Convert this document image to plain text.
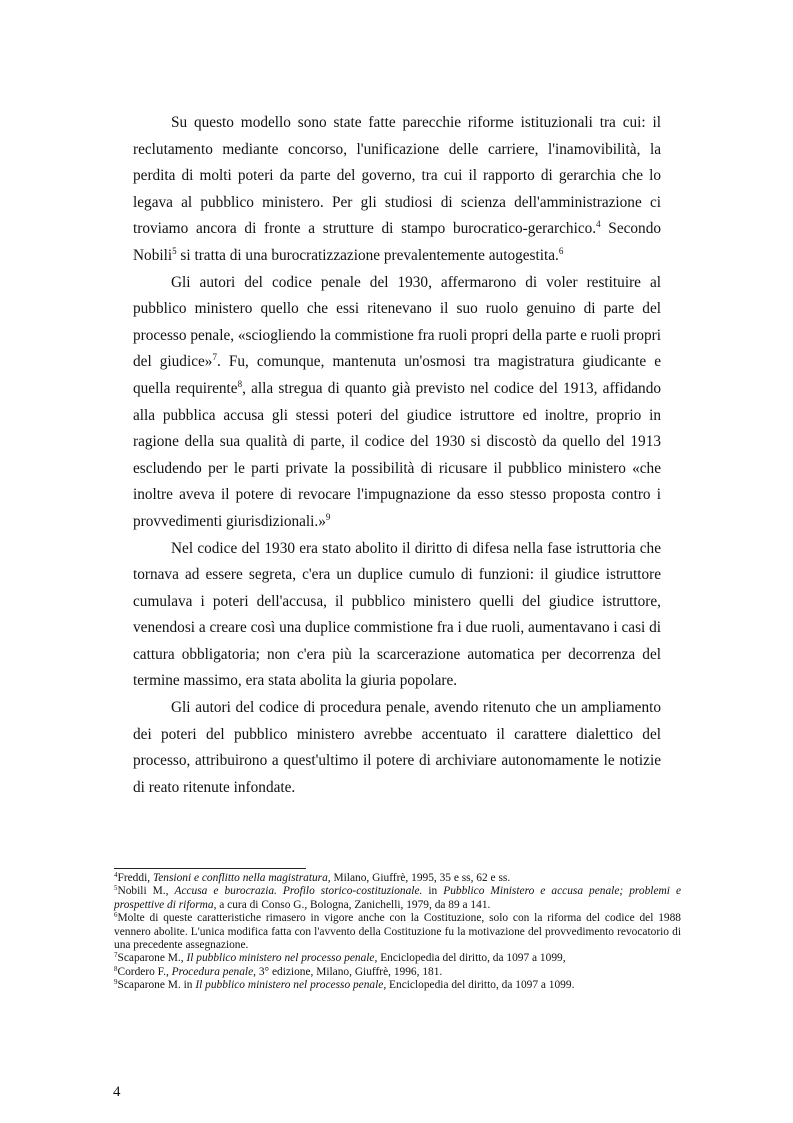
Su questo modello sono state fatte parecchie riforme istituzionali tra cui: il reclutamento mediante concorso, l'unificazione delle carriere, l'inamovibilità, la perdita di molti poteri da parte del governo, tra cui il rapporto di gerarchia che lo legava al pubblico ministero. Per gli studiosi di scienza dell'amministrazione ci troviamo ancora di fronte a strutture di stampo burocratico-gerarchico.$^4$ Secondo Nobili$^5$ si tratta di una burocratizzazione prevalentemente autogestita.$^6$

Gli autori del codice penale del 1930, affermarono di voler restituire al pubblico ministero quello che essi ritenevano il suo ruolo genuino di parte del processo penale, «sciogliendo la commistione fra ruoli propri della parte e ruoli propri del giudice»$^7$. Fu, comunque, mantenuta un'osmosi tra magistratura giudicante e quella requirente$^8$, alla stregua di quanto già previsto nel codice del 1913, affidando alla pubblica accusa gli stessi poteri del giudice istruttore ed inoltre, proprio in ragione della sua qualità di parte, il codice del 1930 si discostò da quello del 1913 escludendo per le parti private la possibilità di ricusare il pubblico ministero «che inoltre aveva il potere di revocare l'impugnazione da esso stesso proposta contro i provvedimenti giurisdizionali.»$^9$

Nel codice del 1930 era stato abolito il diritto di difesa nella fase istruttoria che tornava ad essere segreta, c'era un duplice cumulo di funzioni: il giudice istruttore cumulava i poteri dell'accusa, il pubblico ministero quelli del giudice istruttore, venendosi a creare così una duplice commistione fra i due ruoli, aumentavano i casi di cattura obbligatoria; non c'era più la scarcerazione automatica per decorrenza del termine massimo, era stata abolita la giuria popolare.

Gli autori del codice di procedura penale, avendo ritenuto che un ampliamento dei poteri del pubblico ministero avrebbe accentuato il carattere dialettico del processo, attribuirono a quest'ultimo il potere di archiviare autonomamente le notizie di reato ritenute infondate.

$^4$Freddi, Tensioni e conflitto nella magistratura, Milano, Giuffrè, 1995, 35 e ss, 62 e ss.
$^5$Nobili M., Accusa e burocrazia. Profilo storico-costituzionale. in Pubblico Ministero e accusa penale; problemi e prospettive di riforma, a cura di Conso G., Bologna, Zanichelli, 1979, da 89 a 141.
$^6$Molte di queste caratteristiche rimasero in vigore anche con la Costituzione, solo con la riforma del codice del 1988 vennero abolite. L'unica modifica fatta con l'avvento della Costituzione fu la motivazione del provvedimento revocatorio di una precedente assegnazione.
$^7$Scaparone M., Il pubblico ministero nel processo penale, Enciclopedia del diritto, da 1097 a 1099,
$^8$Cordero F., Procedura penale, 3° edizione, Milano, Giuffrè, 1996, 181.
$^9$Scaparone M. in Il pubblico ministero nel processo penale, Enciclopedia del diritto, da 1097 a 1099.
4
